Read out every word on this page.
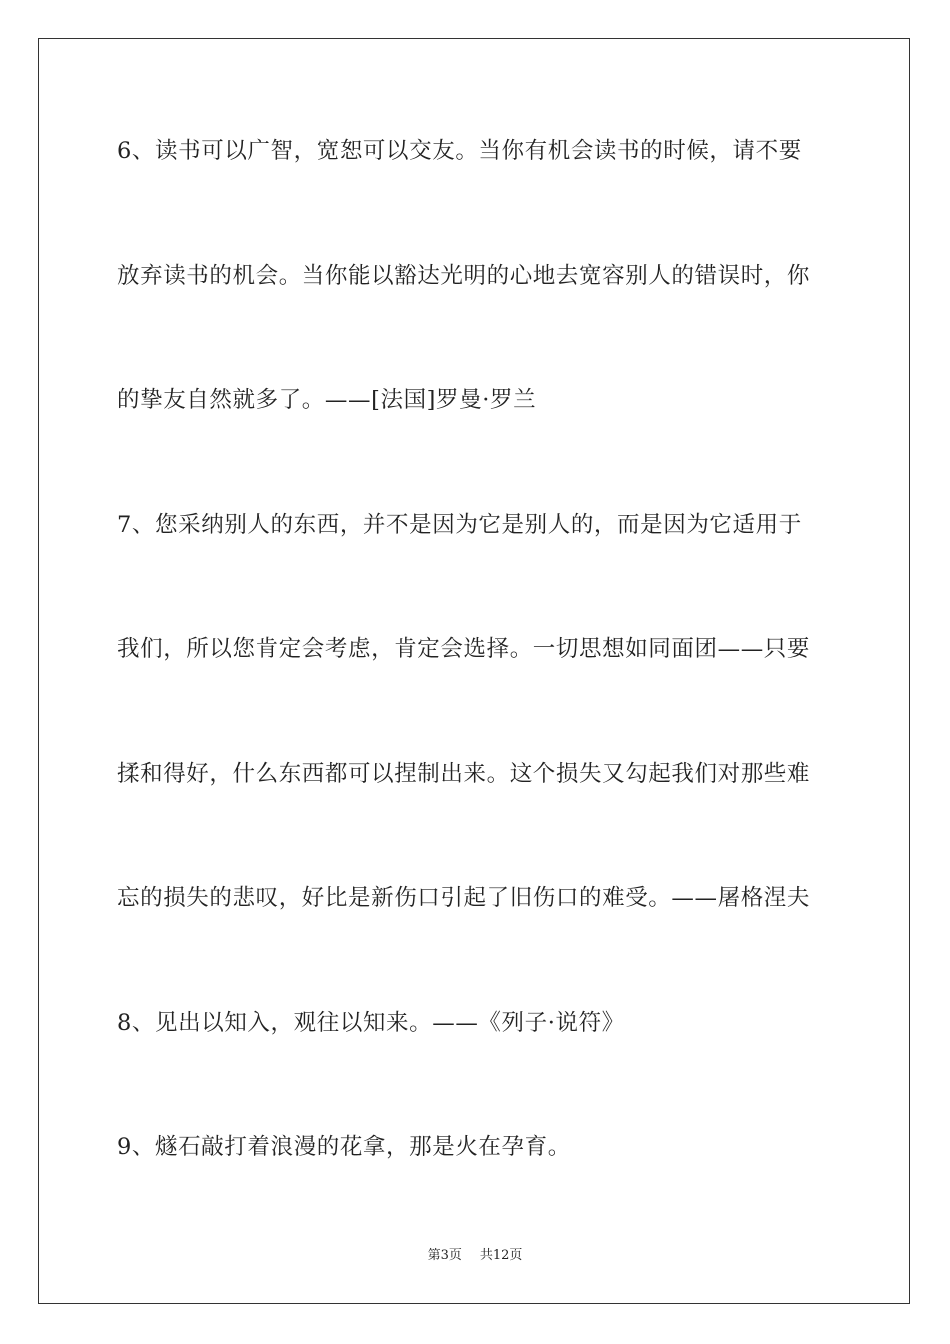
6、读书可以广智，宽恕可以交友。当你有机会读书的时候，请不要
放弃读书的机会。当你能以豁达光明的心地去宽容别人的错误时，你
的挚友自然就多了。——[法国]罗曼·罗兰
7、您采纳别人的东西，并不是因为它是别人的，而是因为它适用于
我们，所以您肯定会考虑，肯定会选择。一切思想如同面团——只要
揉和得好，什么东西都可以捏制出来。这个损失又勾起我们对那些难
忘的损失的悲叹，好比是新伤口引起了旧伤口的难受。——屠格涅夫
8、见出以知入，观往以知来。——《列子·说符》
9、燧石敲打着浪漫的花拿，那是火在孕育。
第3页 共12页
